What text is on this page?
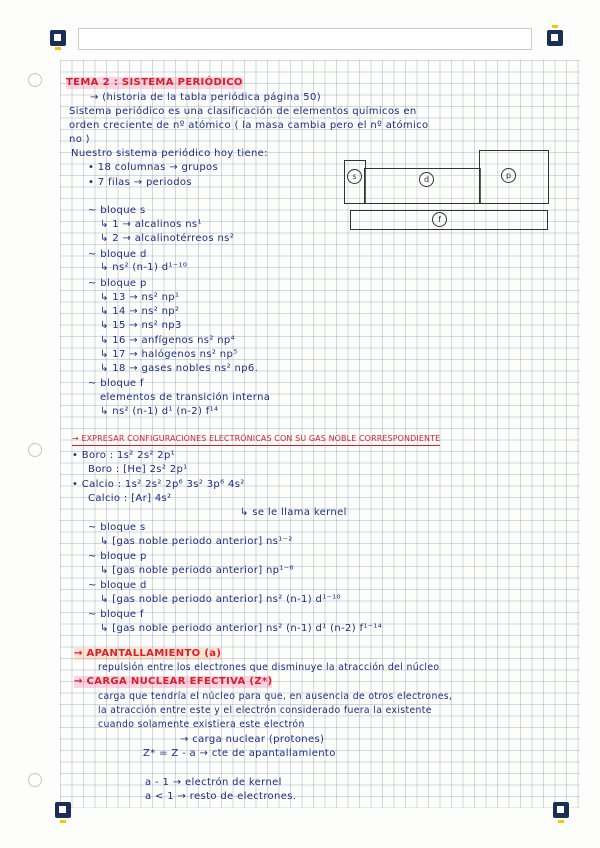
TEMA 2 : SISTEMA PERIÓDICO
→ (historia de la tabla periódica página 50)
Sistema periódico es una clasificación de elementos químicos en
orden creciente de nº atómico ( la masa cambia pero el nº atómico
no )
Nuestro sistema periódico hoy tiene:
• 18 columnas → grupos
• 7 filas → periodos
~ bloque s
↳ 1 → alcalinos ns¹
↳ 2 → alcalinotérreos ns²
~ bloque d
↳ ns² (n-1) d¹⁻¹⁰
~ bloque p
↳ 13 → ns² np¹
↳ 14 → ns² np²
↳ 15 → ns² np3
↳ 16 → anfígenos ns² np⁴
↳ 17 → halógenos ns² np⁵
↳ 18 → gases nobles ns² np6.
~ bloque f
elementos de transición interna
↳ ns² (n-1) d¹ (n-2) f¹⁴
→ EXPRESAR CONFIGURACIONES ELECTRÓNICAS CON SU GAS NOBLE CORRESPONDIENTE
• Boro : 1s² 2s² 2p¹
Boro : [He] 2s² 2p¹
• Calcio : 1s² 2s² 2p⁶ 3s² 3p⁶ 4s²
Calcio : [Ar] 4s²
↳ se le llama kernel
~ bloque s
↳ [gas noble periodo anterior] ns¹⁻²
~ bloque p
↳ [gas noble periodo anterior] np¹⁻⁶
~ bloque d
↳ [gas noble periodo anterior] ns² (n-1) d¹⁻¹⁰
~ bloque f
↳ [gas noble periodo anterior] ns² (n-1) d¹ (n-2) f¹⁻¹⁴
→ APANTALLAMIENTO (a)
repulsión entre los electrones que disminuye la atracción del núcleo
→ CARGA NUCLEAR EFECTIVA (Z*)
carga que tendría el núcleo para que, en ausencia de otros electrones,
la atracción entre este y el electrón considerado fuera la existente
cuando solamente existiera este electrón
→ carga nuclear (protones)
Z* = Z - a → cte de apantallamiento
a - 1 → electrón de kernel
a < 1 → resto de electrones.
s	d	p
f
